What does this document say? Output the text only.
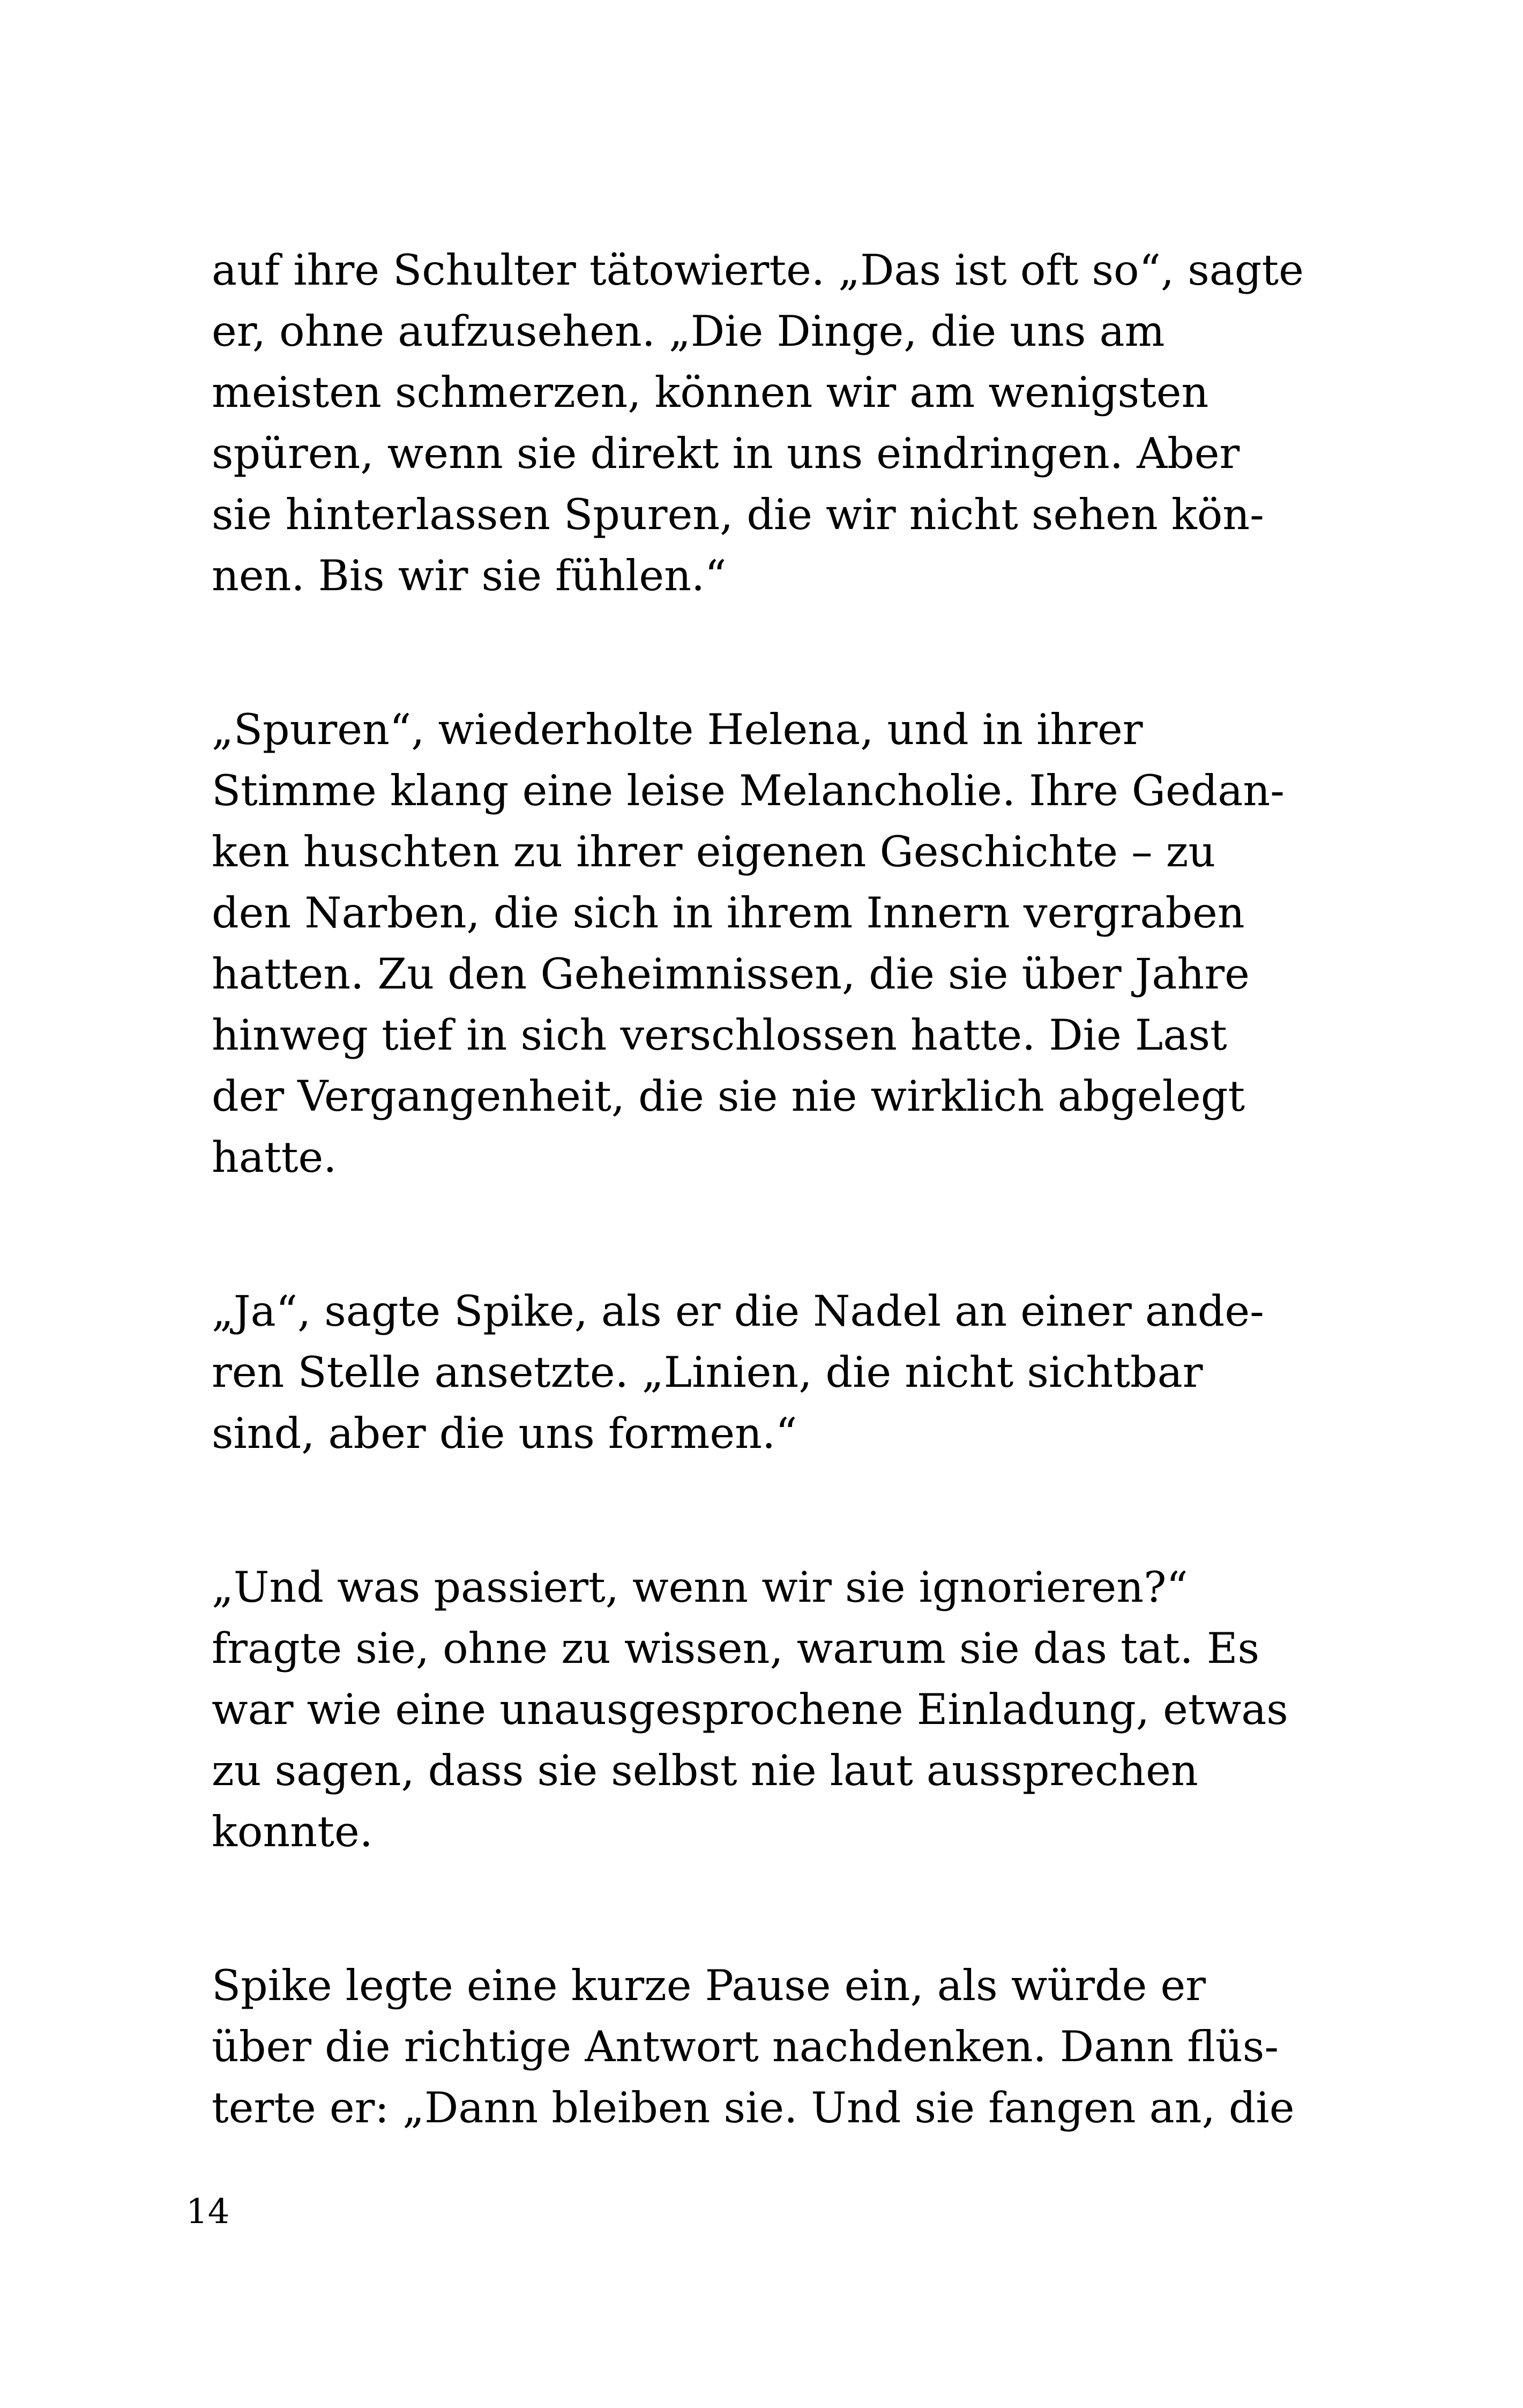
auf ihre Schulter tätowierte. „Das ist oft so“, sagte

er, ohne aufzusehen. „Die Dinge, die uns am

meisten schmerzen, können wir am wenigsten

spüren, wenn sie direkt in uns eindringen. Aber

sie hinterlassen Spuren, die wir nicht sehen kön-

nen. Bis wir sie fühlen.“

„Spuren“, wiederholte Helena, und in ihrer

Stimme klang eine leise Melancholie. Ihre Gedan-

ken huschten zu ihrer eigenen Geschichte – zu

den Narben, die sich in ihrem Innern vergraben

hatten. Zu den Geheimnissen, die sie über Jahre

hinweg tief in sich verschlossen hatte. Die Last

der Vergangenheit, die sie nie wirklich abgelegt

hatte.

„Ja“, sagte Spike, als er die Nadel an einer ande-

ren Stelle ansetzte. „Linien, die nicht sichtbar

sind, aber die uns formen.“

„Und was passiert, wenn wir sie ignorieren?“

fragte sie, ohne zu wissen, warum sie das tat. Es

war wie eine unausgesprochene Einladung, etwas

zu sagen, dass sie selbst nie laut aussprechen

konnte.

Spike legte eine kurze Pause ein, als würde er

über die richtige Antwort nachdenken. Dann flüs-

terte er: „Dann bleiben sie. Und sie fangen an, die

14
